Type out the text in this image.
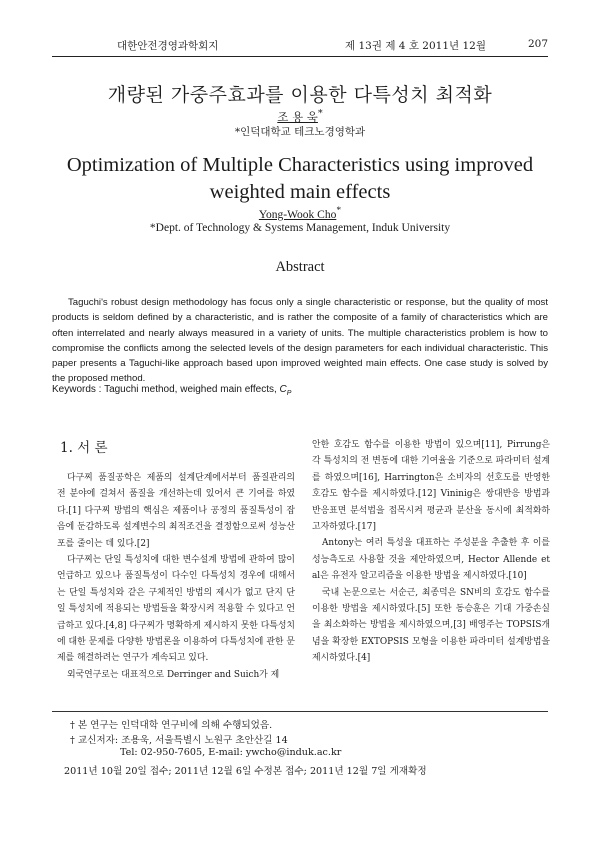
대한안전경영과학회지	제 13권 제 4 호 2011년 12월	207
개량된 가중주효과를 이용한 다특성치 최적화
조 용 욱*
*인덕대학교 테크노경영학과
Optimization of Multiple Characteristics using improved
weighted main effects
Yong-Wook Cho*
*Dept. of Technology & Systems Management, Induk University
Abstract

Taguchi's robust design methodology has focus only a single characteristic or response, but the quality of most products is seldom defined by a characteristic, and is rather the composite of a family of characteristics which are often interrelated and nearly always measured in a variety of units. The multiple characteristics problem is how to compromise the conflicts among the selected levels of the design parameters for each individual characteristic. This paper presents a Taguchi-like approach based upon improved weighted main effects. One case study is solved by the proposed method.

Keywords : Taguchi method, weighed main effects, $C_P$
1. 서 론

다구찌 품질공학은 제품의 설계단계에서부터 품질관리의 전 분야에 걸쳐서 품질을 개선하는데 있어서 큰 기여를 하였다.[1] 다구찌 방법의 핵심은 제품이나 공정의 품질특성이 잡음에 둔감하도록 설계변수의 최적조건을 결정함으로써 성능산포를 줄이는 데 있다.[2]

다구찌는 단일 특성치에 대한 변수설계 방법에 관하여 많이 언급하고 있으나 품질특성이 다수인 다특성치 경우에 대해서는 단일 특성치와 같은 구체적인 방법의 제시가 없고 단지 단일 특성치에 적용되는 방법들을 확장시켜 적용할 수 있다고 언급하고 있다.[4,8] 다구찌가 명확하게 제시하지 못한 다특성치에 대한 문제를 다양한 방법론을 이용하여 다특성치에 관한 문제를 해결하려는 연구가 계속되고 있다.

외국연구로는 대표적으로 Derringer and Suich가 제

안한 호감도 함수를 이용한 방법이 있으며[11], Pirrung은 각 특성치의 전 변동에 대한 기여율을 기준으로 파라미터 설계를 하였으며[16], Harrington은 소비자의 선호도를 반영한 호감도 함수를 제시하였다.[12] Vininig은 쌍대반응 방법과 반응표면 분석법을 접목시켜 평균과 분산을 동시에 최적화하고자하였다.[17]

Antony는 여러 특성을 대표하는 주성분을 추출한 후 이를 성능측도로 사용할 것을 제안하였으며, Hector Allende et al은 유전자 알고리즘을 이용한 방법을 제시하였다.[10]

국내 논문으로는 서순근, 최종덕은 SN비의 호감도 함수를 이용한 방법을 제시하였다.[5] 또한 동승훈은 기대 가중손실을 최소화하는 방법을 제시하였으며,[3] 배영주는 TOPSIS개념을 확장한 EXTOPSIS 모형을 이용한 파라미터 설계방법을 제시하였다.[4]

† 본 연구는 인덕대학 연구비에 의해 수행되었음.
† 교신저자: 조용욱, 서울특별시 노원구 초안산길 14
Tel: 02-950-7605, E-mail: ywcho@induk.ac.kr
2011년 10월 20일 접수; 2011년 12월 6일 수정본 접수; 2011년 12월 7일 게재확정
